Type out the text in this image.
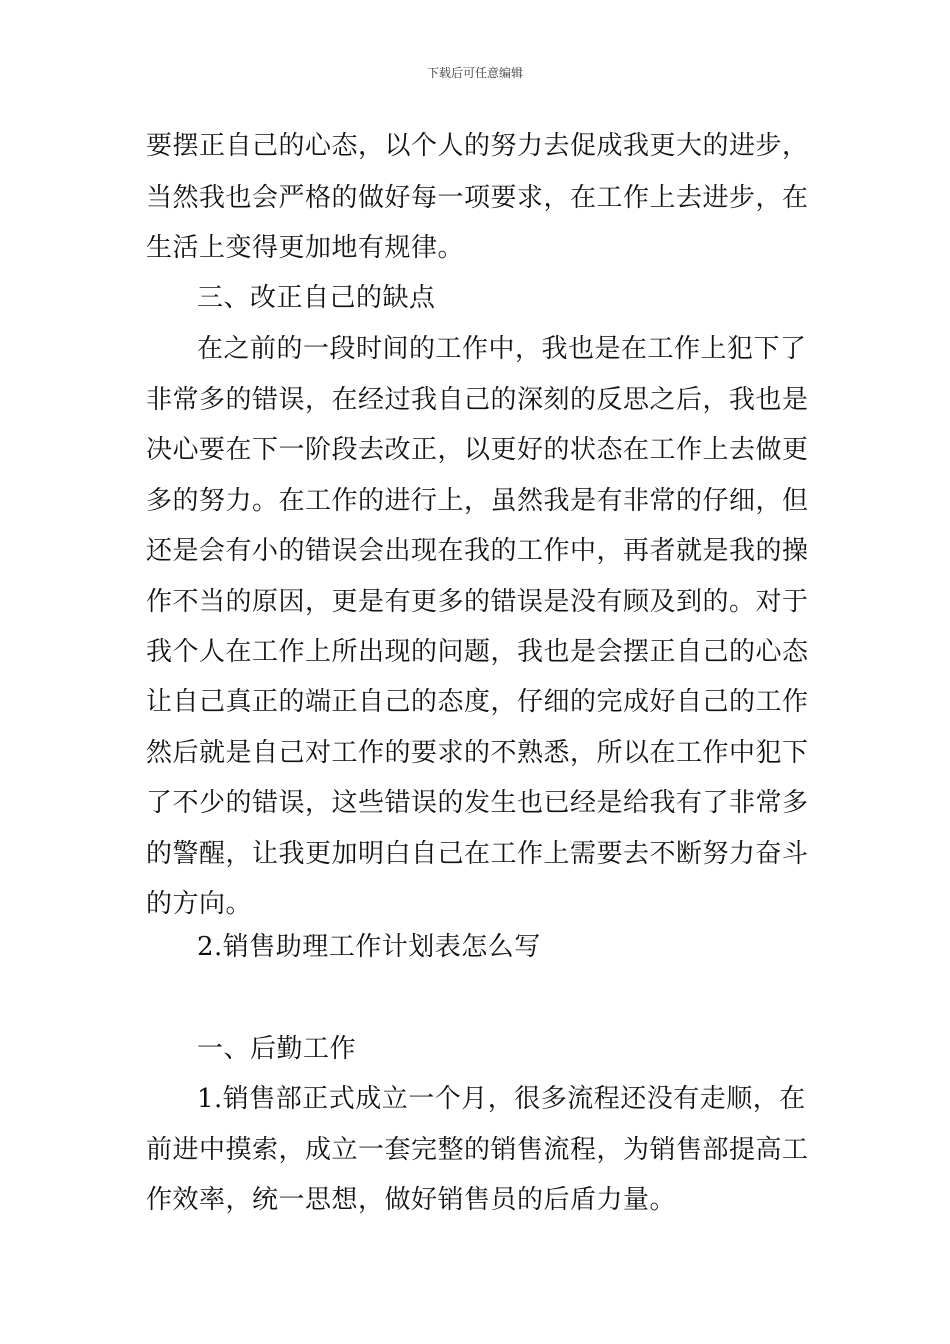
下载后可任意编辑
要摆正自己的心态，以个人的努力去促成我更大的进步，
当然我也会严格的做好每一项要求，在工作上去进步，在
生活上变得更加地有规律。
三、改正自己的缺点
在之前的一段时间的工作中，我也是在工作上犯下了
非常多的错误，在经过我自己的深刻的反思之后，我也是
决心要在下一阶段去改正，以更好的状态在工作上去做更
多的努力。在工作的进行上，虽然我是有非常的仔细，但
还是会有小的错误会出现在我的工作中，再者就是我的操
作不当的原因，更是有更多的错误是没有顾及到的。对于
我个人在工作上所出现的问题，我也是会摆正自己的心态
让自己真正的端正自己的态度，仔细的完成好自己的工作
然后就是自己对工作的要求的不熟悉，所以在工作中犯下
了不少的错误，这些错误的发生也已经是给我有了非常多
的警醒，让我更加明白自己在工作上需要去不断努力奋斗
的方向。
2.销售助理工作计划表怎么写
一、后勤工作
1.销售部正式成立一个月，很多流程还没有走顺，在
前进中摸索，成立一套完整的销售流程，为销售部提高工
作效率，统一思想，做好销售员的后盾力量。
